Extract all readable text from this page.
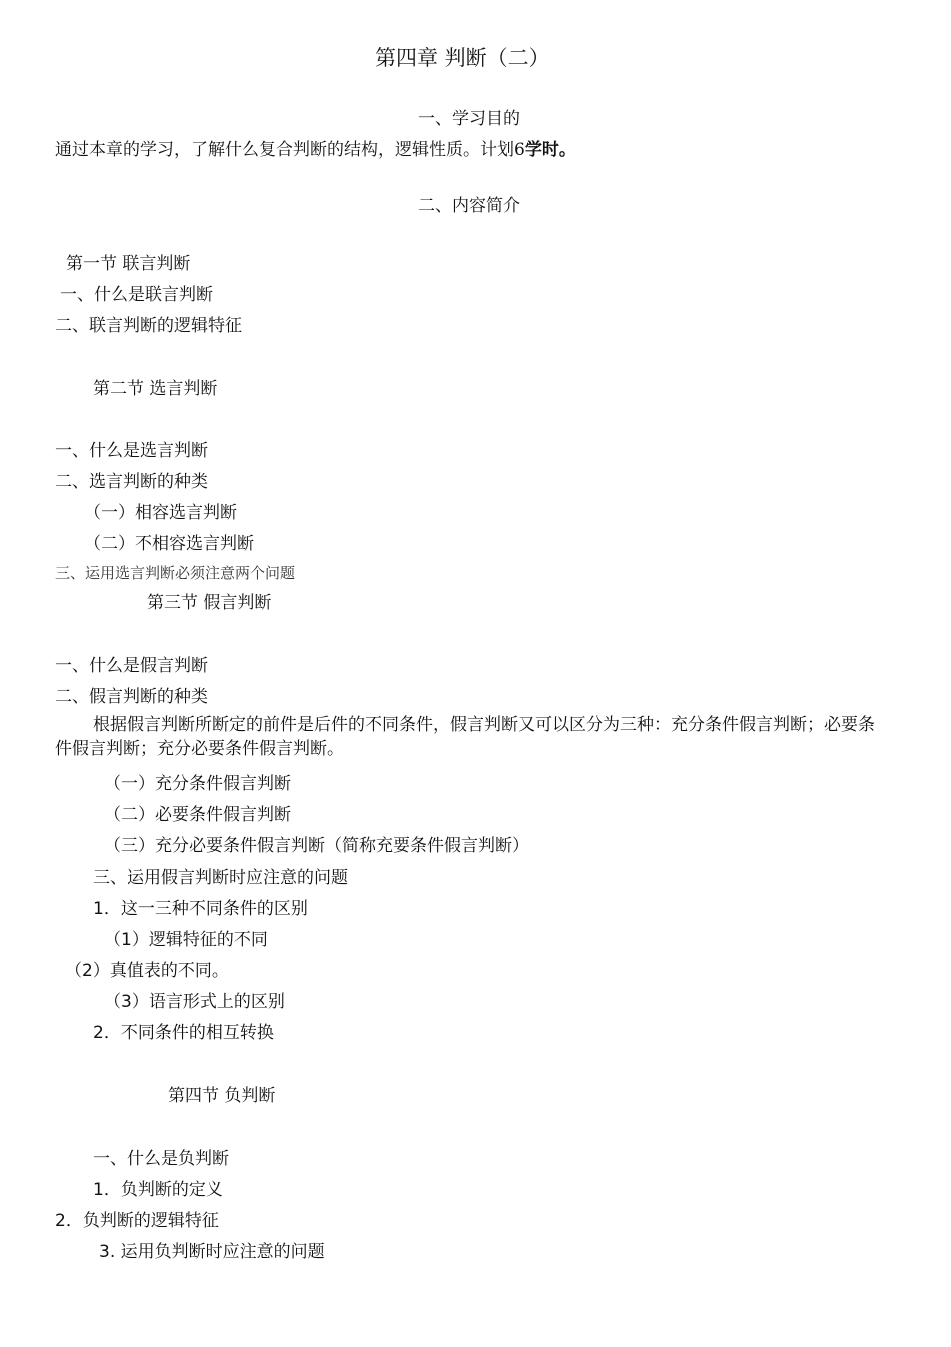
第四章 判断（二）
一、学习目的
通过本章的学习，了解什么复合判断的结构，逻辑性质。计划6学时。
二、内容简介
第一节 联言判断
一、什么是联言判断
二、联言判断的逻辑特征
第二节 选言判断
一、什么是选言判断
二、选言判断的种类
（一）相容选言判断
（二）不相容选言判断
三、运用选言判断必须注意两个问题
第三节 假言判断
一、什么是假言判断
二、假言判断的种类
根据假言判断所断定的前件是后件的不同条件，假言判断又可以区分为三种：充分条件假言判断；必要条件假言判断；充分必要条件假言判断。
（一）充分条件假言判断
（二）必要条件假言判断
（三）充分必要条件假言判断（简称充要条件假言判断）
三、运用假言判断时应注意的问题
1．这一三种不同条件的区别
（1）逻辑特征的不同
（2）真值表的不同。
（3）语言形式上的区别
2．不同条件的相互转换
第四节 负判断
一、什么是负判断
1．负判断的定义
2．负判断的逻辑特征
3. 运用负判断时应注意的问题
